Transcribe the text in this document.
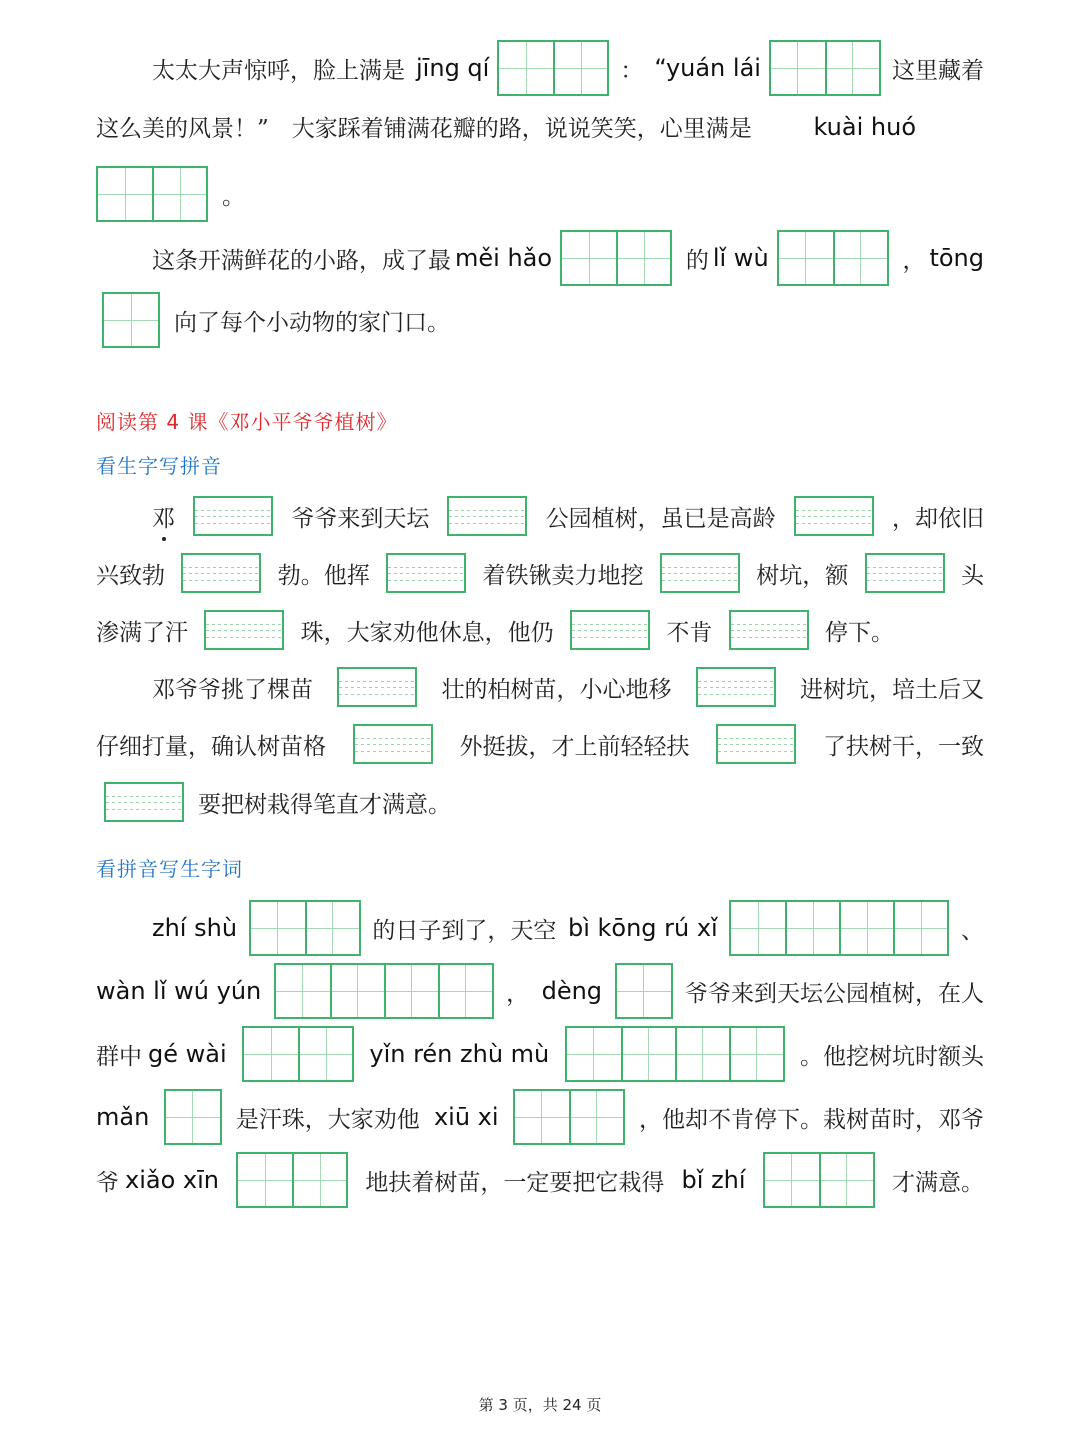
太太大声惊呼，脸上满是 jīng qí	： “yuán lái	这里藏着
这么美的风景！”　大家踩着铺满花瓣的路，说说笑笑，心里满是	kuài huó
。
这条开满鲜花的小路，成了最 měi hǎo	的 lǐ wù	， tōng
向了每个小动物的家门口。
阅读第 4 课《邓小平爷爷植树》
看生字写拼音
邓	爷爷来到天坛	公园植树，虽已是高龄	，却依旧
兴致勃	勃。他挥	着铁锹卖力地挖	树坑，额	头
渗满了汗	珠，大家劝他休息，他仍	不肯	停下。
邓爷爷挑了棵苗	壮的柏树苗，小心地移	进树坑，培土后又
仔细打量，确认树苗格	外挺拔，才上前轻轻扶	了扶树干，一致
要把树栽得笔直才满意。
看拼音写生字词
zhí shù	的日子到了，天空 bì kōng rú xǐ	、
wàn lǐ wú yún	， dèng	爷爷来到天坛公园植树，在人
群中 gé wài	yǐn rén zhù mù	。他挖树坑时额头
mǎn	是汗珠，大家劝他 xiū xi	，他却不肯停下。栽树苗时，邓爷
爷 xiǎo xīn	地扶着树苗，一定要把它栽得 bǐ zhí	才满意。
第 3 页，共 24 页
